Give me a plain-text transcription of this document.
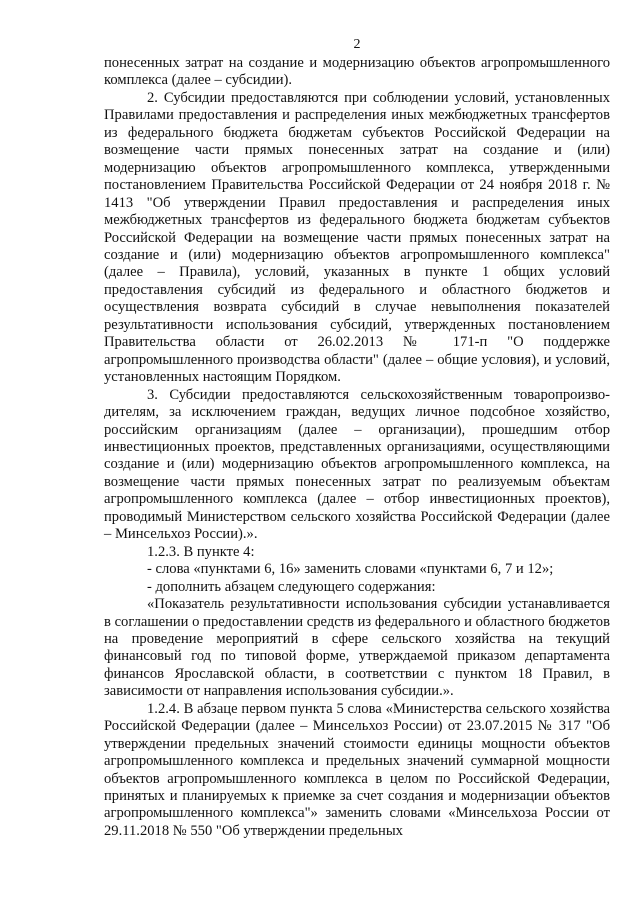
2

понесенных затрат на создание и модернизацию объектов агропромышленного комплекса (далее – субсидии).

2. Субсидии предоставляются при соблюдении условий, установленных Правилами предоставления и распределения иных межбюджетных трансфертов из федерального бюджета бюджетам субъектов Российской Федерации на возмещение части прямых понесенных затрат на создание и (или) модернизацию объектов агропромышленного комплекса, утвержденными постановлением Правительства Российской Федерации от 24 ноября 2018 г. № 1413 "Об утверждении Правил предоставления и распределения иных межбюджетных трансфертов из федерального бюджета бюджетам субъектов Российской Федерации на возмещение части прямых понесенных затрат на создание и (или) модернизацию объектов агропромышленного комплекса" (далее – Правила), условий, указанных в пункте 1 общих условий предоставления субсидий из федерального и областного бюджетов и осуществления возврата субсидий в случае невыполнения показателей результативности использования субсидий, утвержденных постановлением Правительства области от 26.02.2013 № 171-п "О поддержке агропромышленного производства области" (далее – общие условия), и условий, установленных настоящим Порядком.

3. Субсидии предоставляются сельскохозяйственным товаропроизво-дителям, за исключением граждан, ведущих личное подсобное хозяйство, российским организациям (далее – организации), прошедшим отбор инвестиционных проектов, представленных организациями, осуществляющими создание и (или) модернизацию объектов агропромышленного комплекса, на возмещение части прямых понесенных затрат по реализуемым объектам агропромышленного комплекса (далее – отбор инвестиционных проектов), проводимый Министерством сельского хозяйства Российской Федерации (далее – Минсельхоз России).».

1.2.3. В пункте 4:

- слова «пунктами 6, 16» заменить словами «пунктами 6, 7 и 12»;

- дополнить абзацем следующего содержания:

«Показатель результативности использования субсидии устанавливается в соглашении о предоставлении средств из федерального и областного бюджетов на проведение мероприятий в сфере сельского хозяйства на текущий финансовый год по типовой форме, утверждаемой приказом департамента финансов Ярославской области, в соответствии с пунктом 18 Правил, в зависимости от направления использования субсидии.».

1.2.4. В абзаце первом пункта 5 слова «Министерства сельского хозяйства Российской Федерации (далее – Минсельхоз России) от 23.07.2015 № 317 "Об утверждении предельных значений стоимости единицы мощности объектов агропромышленного комплекса и предельных значений суммарной мощности объектов агропромышленного комплекса в целом по Российской Федерации, принятых и планируемых к приемке за счет создания и модернизации объектов агропромышленного комплекса"» заменить словами «Минсельхоза России от 29.11.2018 № 550 "Об утверждении предельных
